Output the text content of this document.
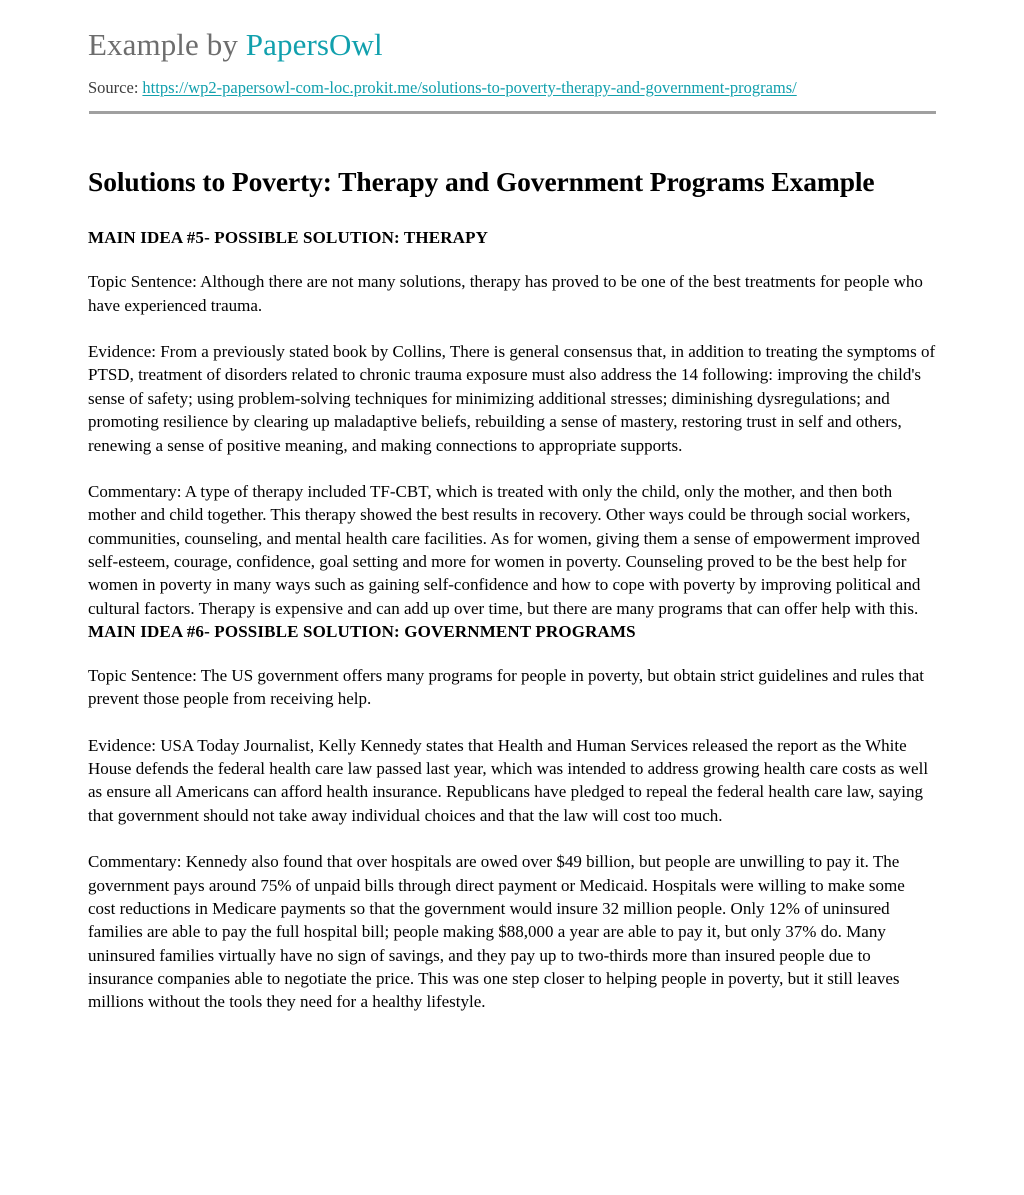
Example by PapersOwl
Source: https://wp2-papersowl-com-loc.prokit.me/solutions-to-poverty-therapy-and-government-programs/
Solutions to Poverty: Therapy and Government Programs Example
MAIN IDEA #5- POSSIBLE SOLUTION: THERAPY

Topic Sentence: Although there are not many solutions, therapy has proved to be one of the best treatments for people who have experienced trauma.

Evidence: From a previously stated book by Collins, There is general consensus that, in addition to treating the symptoms of PTSD, treatment of disorders related to chronic trauma exposure must also address the 14 following: improving the child's sense of safety; using problem-solving techniques for minimizing additional stresses; diminishing dysregulations; and promoting resilience by clearing up maladaptive beliefs, rebuilding a sense of mastery, restoring trust in self and others, renewing a sense of positive meaning, and making connections to appropriate supports.

Commentary: A type of therapy included TF-CBT, which is treated with only the child, only the mother, and then both mother and child together. This therapy showed the best results in recovery. Other ways could be through social workers, communities, counseling, and mental health care facilities. As for women, giving them a sense of empowerment improved self-esteem, courage, confidence, goal setting and more for women in poverty. Counseling proved to be the best help for women in poverty in many ways such as gaining self-confidence and how to cope with poverty by improving political and cultural factors. Therapy is expensive and can add up over time, but there are many programs that can offer help with this.

MAIN IDEA #6- POSSIBLE SOLUTION: GOVERNMENT PROGRAMS

Topic Sentence: The US government offers many programs for people in poverty, but obtain strict guidelines and rules that prevent those people from receiving help.

Evidence: USA Today Journalist, Kelly Kennedy states that Health and Human Services released the report as the White House defends the federal health care law passed last year, which was intended to address growing health care costs as well as ensure all Americans can afford health insurance. Republicans have pledged to repeal the federal health care law, saying that government should not take away individual choices and that the law will cost too much.

Commentary: Kennedy also found that over hospitals are owed over $49 billion, but people are unwilling to pay it. The government pays around 75% of unpaid bills through direct payment or Medicaid. Hospitals were willing to make some cost reductions in Medicare payments so that the government would insure 32 million people. Only 12% of uninsured families are able to pay the full hospital bill; people making $88,000 a year are able to pay it, but only 37% do. Many uninsured families virtually have no sign of savings, and they pay up to two-thirds more than insured people due to insurance companies able to negotiate the price. This was one step closer to helping people in poverty, but it still leaves millions without the tools they need for a healthy lifestyle.
